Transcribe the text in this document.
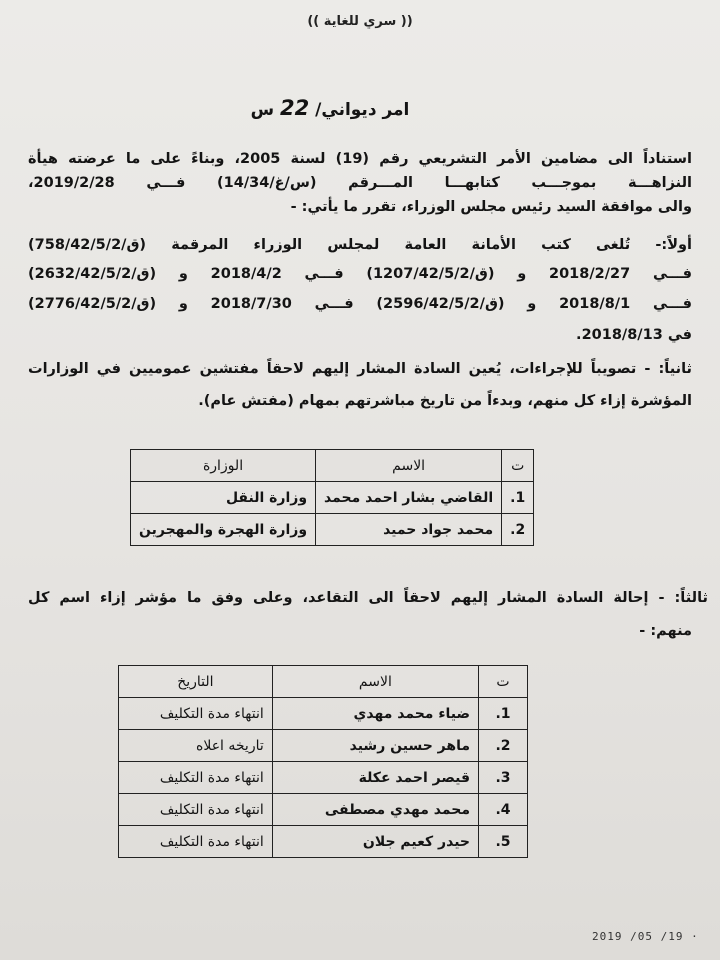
(( سري للغاية ))
امر ديواني/ 22 س
استناداً الى مضامين الأمر التشريعي رقم (19) لسنة 2005، وبناءً على ما عرضته هيأة
النزاهـــة بموجـــب كتابهـــا المـــرقم (س/غ/14/34) فـــي 2019/2/28،
والى موافقة السيد رئيس مجلس الوزراء، تقرر ما يأتي: -
أولاً:- تُلغى كتب الأمانة العامة لمجلس الوزراء المرقمة (ق/758/42/5/2)
فـــي 2018/2/27 و (ق/1207/42/5/2) فـــي 2018/4/2 و (ق/2632/42/5/2)
فـــي 2018/8/1 و (ق/2596/42/5/2) فـــي 2018/7/30 و (ق/2776/42/5/2)
في 2018/8/13.
ثانياً: - تصويباً للإجراءات، يُعين السادة المشار إليهم لاحقاً مفتشين عموميين في الوزارات
المؤشرة إزاء كل منهم، وبدءاً من تاريخ مباشرتهم بمهام (مفتش عام).
ت	الاسم	الوزارة
1.	القاضي بشار احمد محمد	وزارة النقل
2.	محمد جواد حميد	وزارة الهجرة والمهجرين
ثالثاً: - إحالة السادة المشار إليهم لاحقاً الى التقاعد، وعلى وفق ما مؤشر إزاء اسم كل
منهم: -
ت	الاسم	التاريخ
1.	ضياء محمد مهدي	انتهاء مدة التكليف
2.	ماهر حسين رشيد	تاريخه اعلاه
3.	قيصر احمد عكلة	انتهاء مدة التكليف
4.	محمد مهدي مصطفى	انتهاء مدة التكليف
5.	حيدر كعيم جلان	انتهاء مدة التكليف
2019 /05 /19 ·
